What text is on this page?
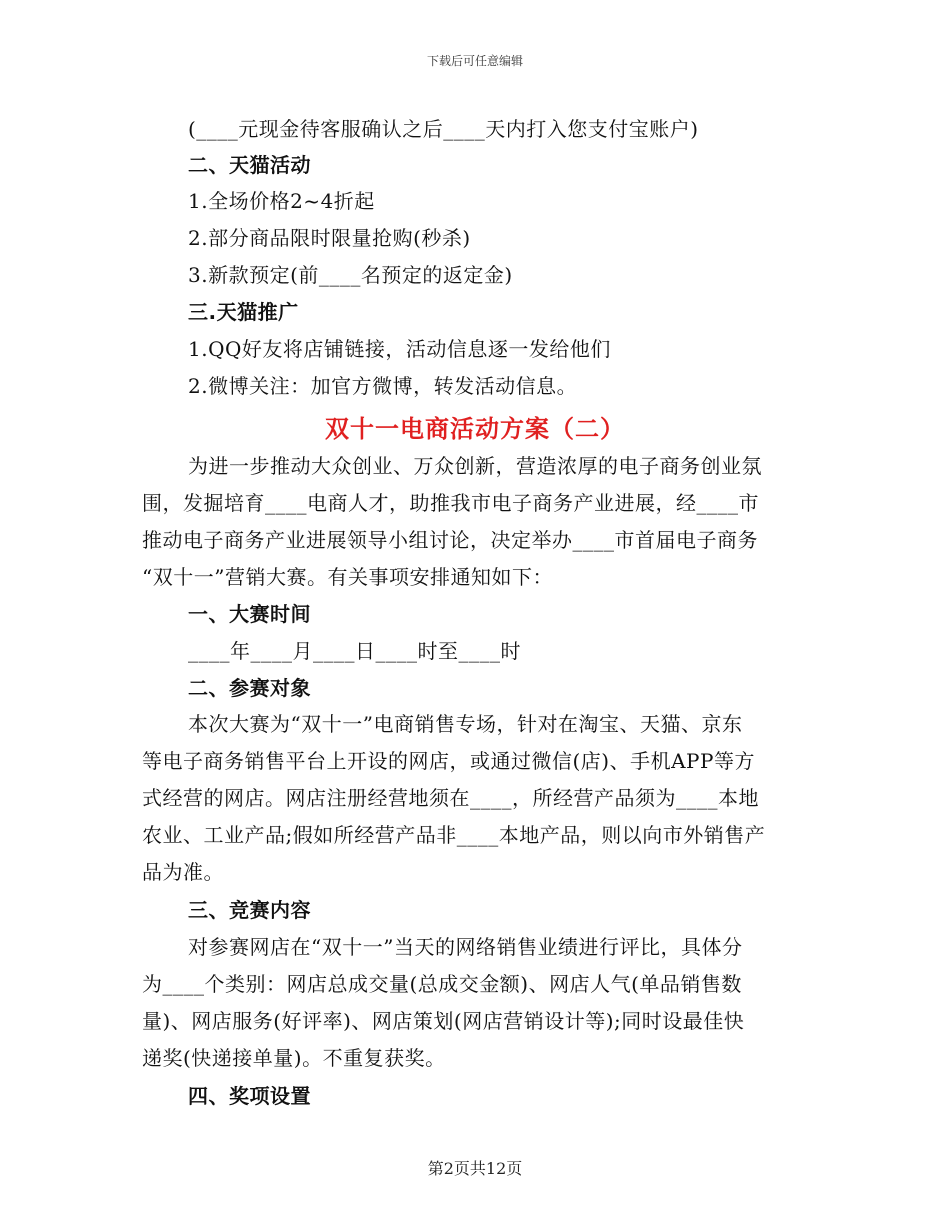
下载后可任意编辑
(____元现金待客服确认之后____天内打入您支付宝账户)
二、天猫活动
1.全场价格2~4折起
2.部分商品限时限量抢购(秒杀)
3.新款预定(前____名预定的返定金)
三.天猫推广
1.QQ好友将店铺链接，活动信息逐一发给他们
2.微博关注：加官方微博，转发活动信息。
双十一电商活动方案（二）
为进一步推动大众创业、万众创新，营造浓厚的电子商务创业氛
围，发掘培育____电商人才，助推我市电子商务产业进展，经____市
推动电子商务产业进展领导小组讨论，决定举办____市首届电子商务
“双十一”营销大赛。有关事项安排通知如下：
一、大赛时间
____年____月____日____时至____时
二、参赛对象
本次大赛为“双十一”电商销售专场，针对在淘宝、天猫、京东
等电子商务销售平台上开设的网店，或通过微信(店)、手机APP等方
式经营的网店。网店注册经营地须在____，所经营产品须为____本地
农业、工业产品;假如所经营产品非____本地产品，则以向市外销售产
品为准。
三、竞赛内容
对参赛网店在“双十一”当天的网络销售业绩进行评比，具体分
为____个类别：网店总成交量(总成交金额)、网店人气(单品销售数
量)、网店服务(好评率)、网店策划(网店营销设计等);同时设最佳快
递奖(快递接单量)。不重复获奖。
四、奖项设置
第2页共12页
